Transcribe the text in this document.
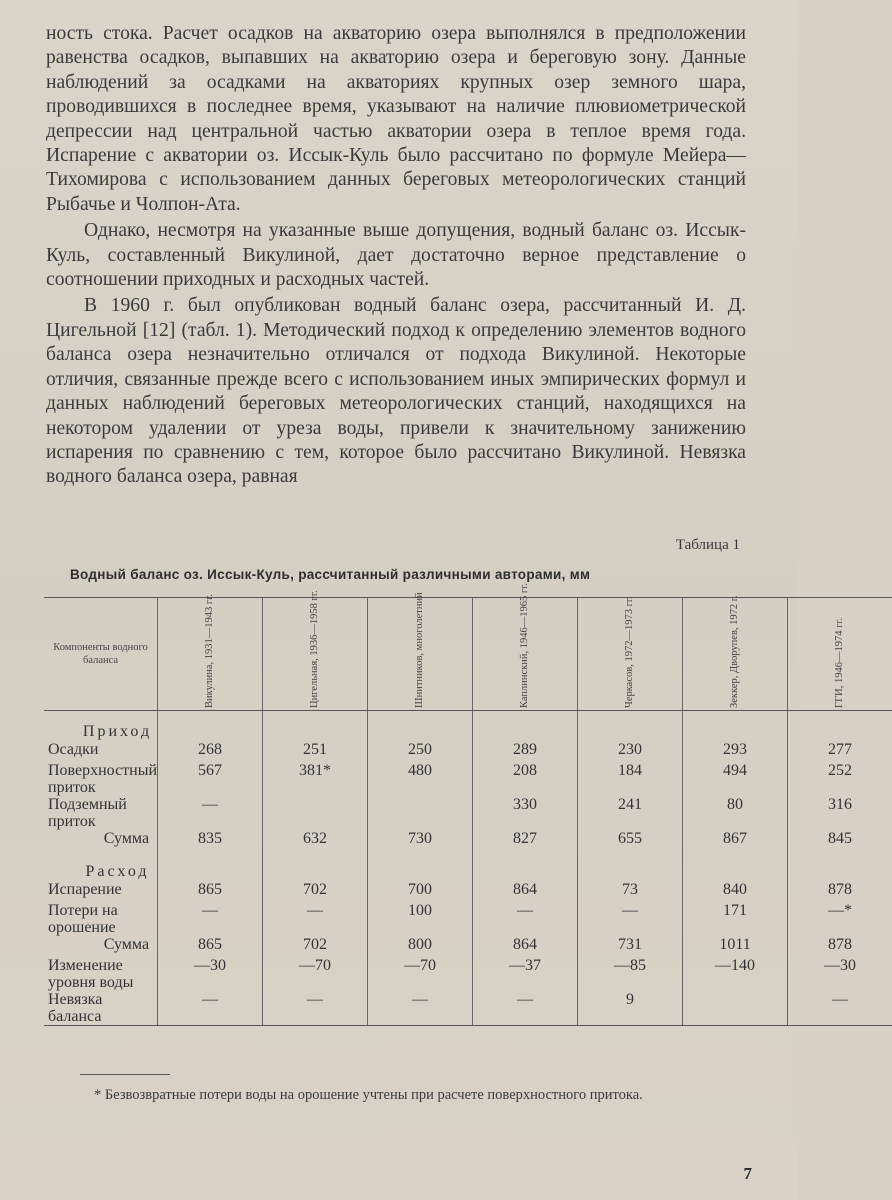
ность стока. Расчет осадков на акваторию озера выполнялся в предположении равенства осадков, выпавших на акваторию озера и береговую зону. Данные наблюдений за осадками на акваториях крупных озер земного шара, проводившихся в последнее время, указывают на наличие плювиометрической депрессии над центральной частью акватории озера в теплое время года. Испарение с акватории оз. Иссык-Куль было рассчитано по формуле Мейера—Тихомирова с использованием данных береговых метеорологических станций Рыбачье и Чолпон-Ата.

Однако, несмотря на указанные выше допущения, водный баланс оз. Иссык-Куль, составленный Викулиной, дает достаточно верное представление о соотношении приходных и расходных частей.

В 1960 г. был опубликован водный баланс озера, рассчитанный И. Д. Цигельной [12] (табл. 1). Методический подход к определению элементов водного баланса озера незначительно отличался от подхода Викулиной. Некоторые отличия, связанные прежде всего с использованием иных эмпирических формул и данных наблюдений береговых метеорологических станций, находящихся на некотором удалении от уреза воды, привели к значительному занижению испарения по сравнению с тем, которое было рассчитано Викулиной. Невязка водного баланса озера, равная

Таблица 1
Водный баланс оз. Иссык-Куль, рассчитанный различными авторами, мм
Компоненты водного баланса	Викулина, 1931—1943 гг.	Цигельная, 1936—1958 гг.	Шнитников, многолетний	Каплинский, 1946—1965 гг.	Черкасов, 1972—1973 гг.	Зеккер, Дворупев, 1972 г.	ГГИ, 1946—1974 гг.
Приход							
Осадки	268	251	250	289	230	293	277
Поверхностный приток	567	381*	480	208	184	494	252
Подземный приток	—			330	241	80	316
Сумма	835	632	730	827	655	867	845
Расход							
Испарение	865	702	700	864	73	840	878
Потери на орошение	—	—	100	—	—	171	—*
Сумма	865	702	800	864	731	1011	878
Изменение уровня воды	—30	—70	—70	—37	—85	—140	—30
Невязка баланса	—	—	—	—	9		—
* Безвозвратные потери воды на орошение учтены при расчете поверхностного притока.
7
